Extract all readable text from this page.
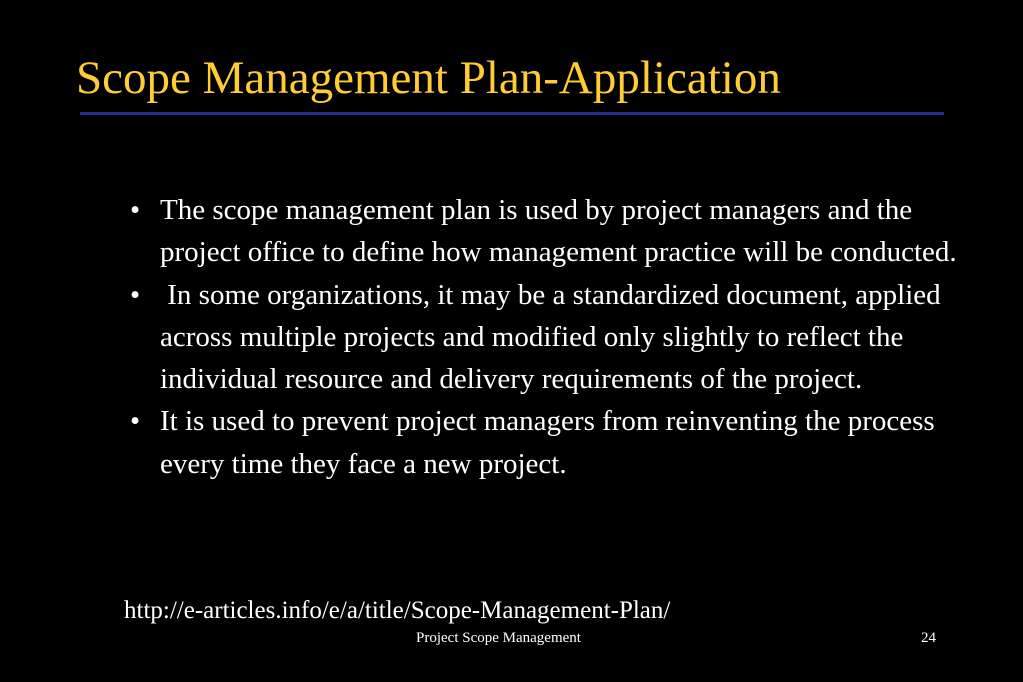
Scope Management Plan-Application
• The scope management plan is used by project managers and the project office to define how management practice will be conducted.
• In some organizations, it may be a standardized document, applied across multiple projects and modified only slightly to reflect the individual resource and delivery requirements of the project.
• It is used to prevent project managers from reinventing the process every time they face a new project.
http://e-articles.info/e/a/title/Scope-Management-Plan/
Project Scope Management	24
